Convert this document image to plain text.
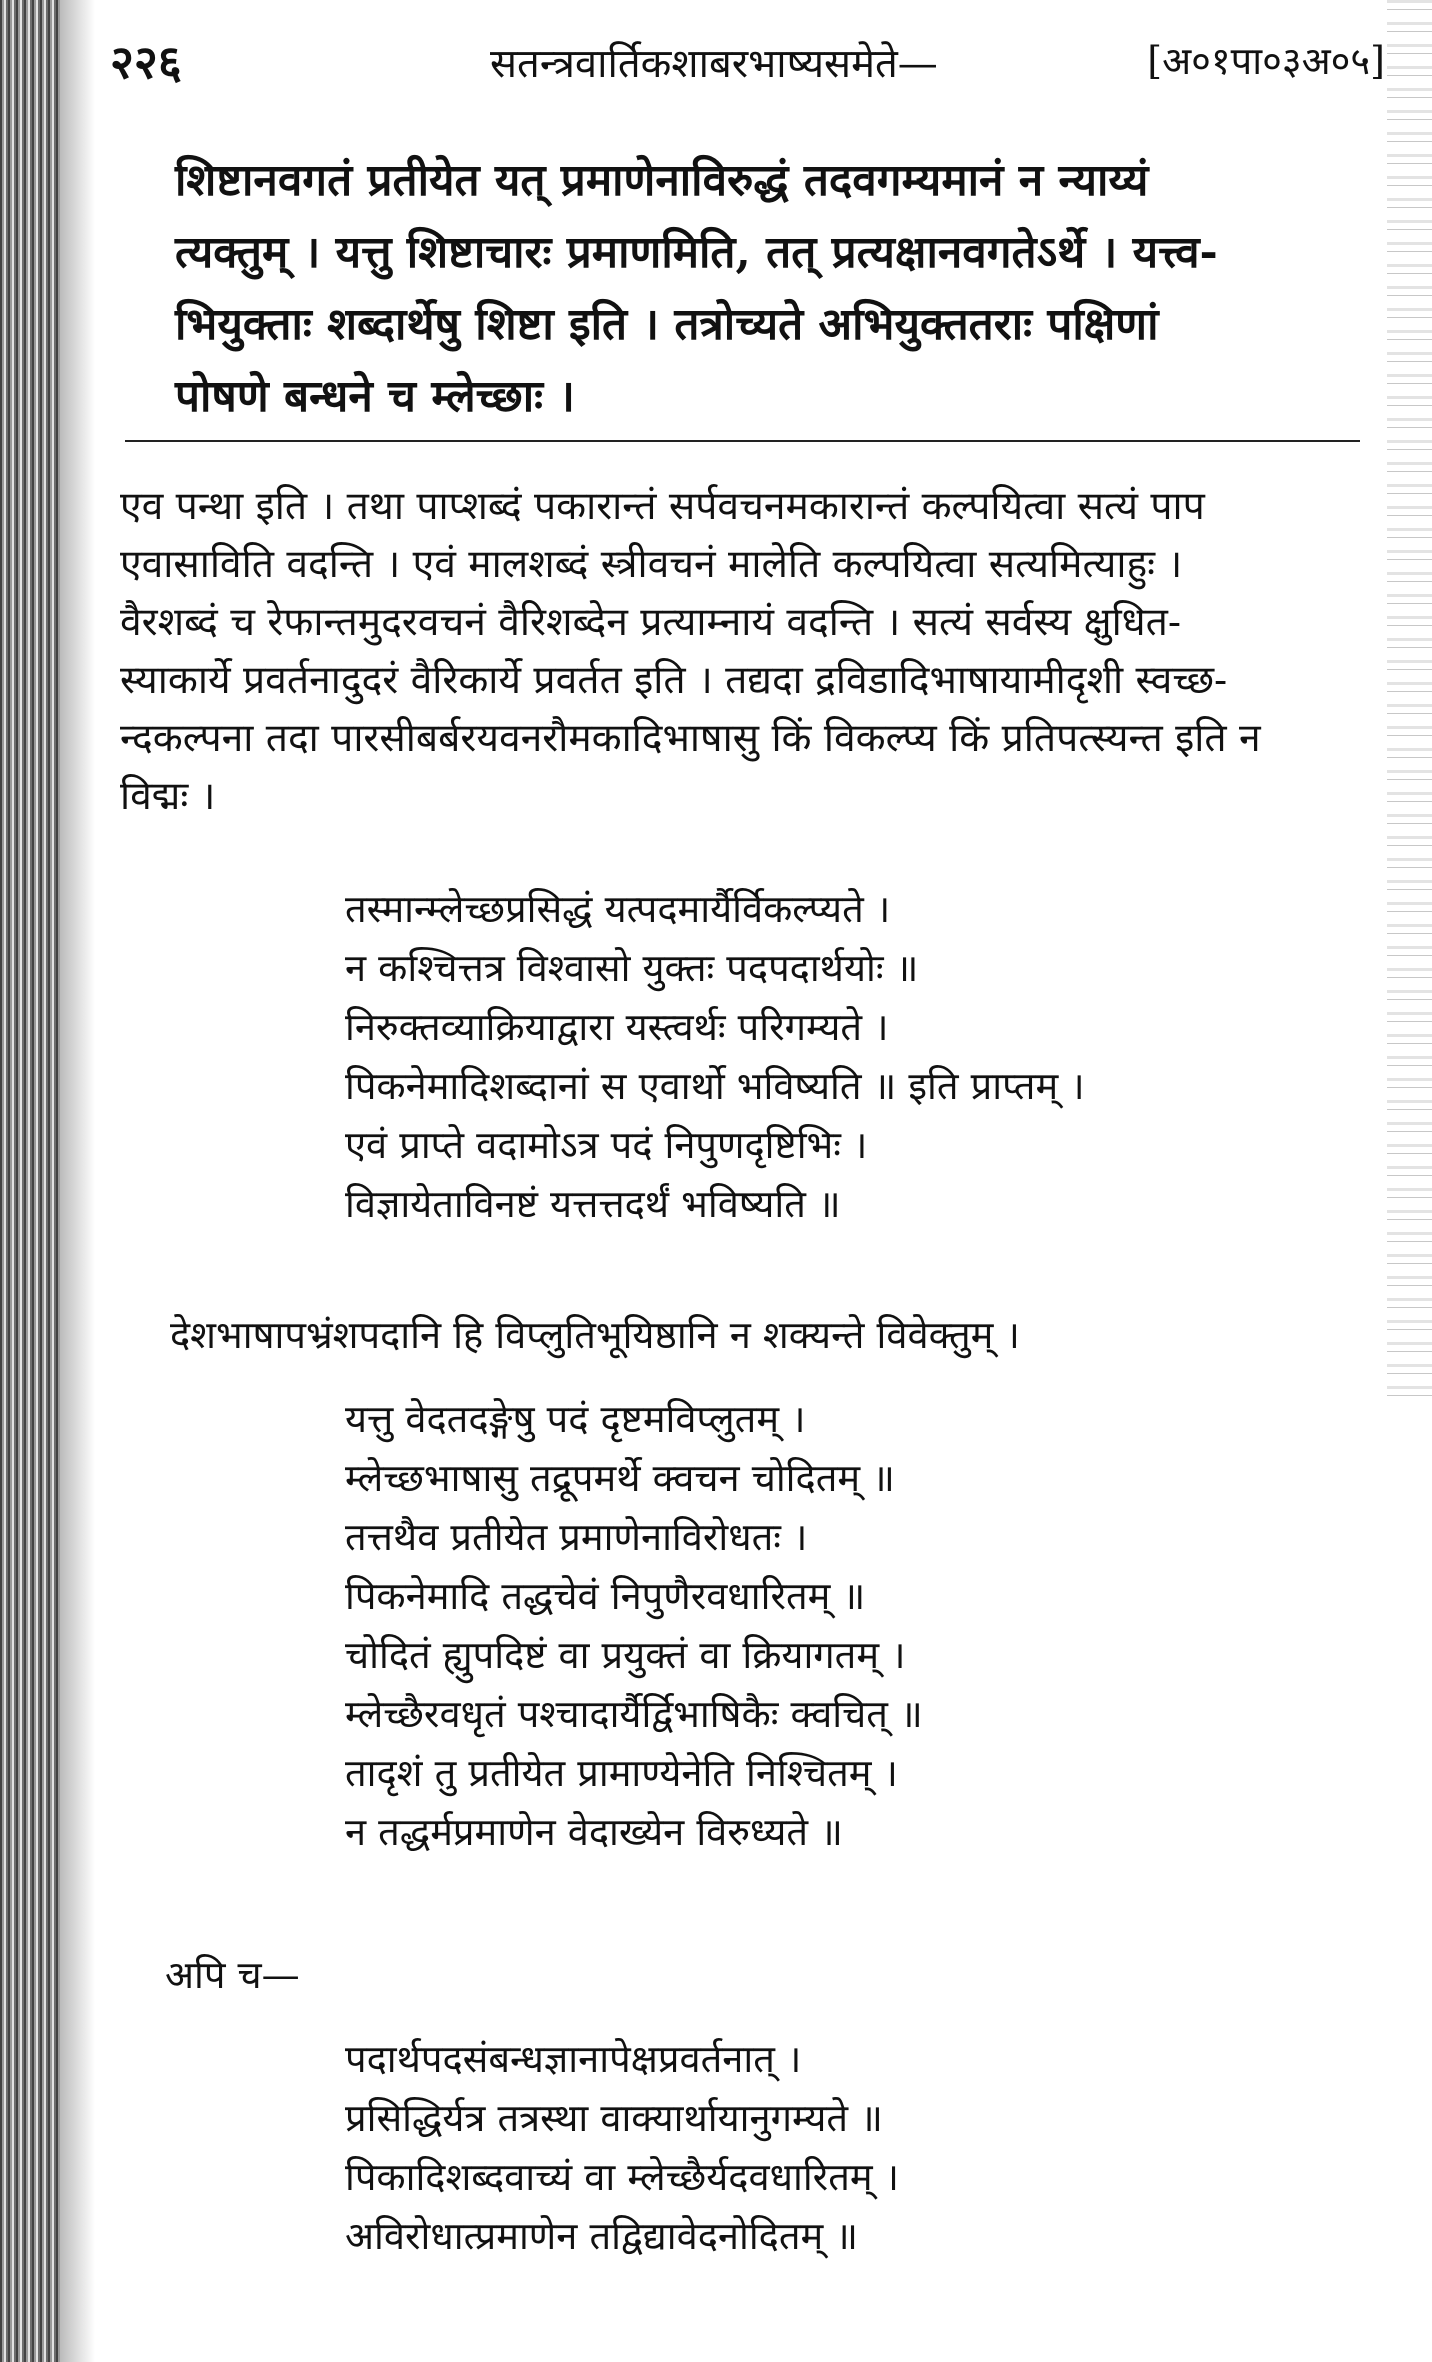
२२६	सतन्त्रवार्तिकशाबरभाष्यसमेते—	[अ०१पा०३अ०५]
शिष्टानवगतं प्रतीयेत यत् प्रमाणेनाविरुद्धं तदवगम्यमानं न न्याय्यं
त्यक्तुम् । यत्तु शिष्टाचारः प्रमाणमिति, तत् प्रत्यक्षानवगतेऽर्थे । यत्त्व-
भियुक्ताः शब्दार्थेषु शिष्टा इति । तत्रोच्यते अभियुक्ततराः पक्षिणां
पोषणे बन्धने च म्लेच्छाः ।
एव पन्था इति । तथा पाप्शब्दं पकारान्तं सर्पवचनमकारान्तं कल्पयित्वा सत्यं पाप
एवासाविति वदन्ति । एवं मालशब्दं स्त्रीवचनं मालेति कल्पयित्वा सत्यमित्याहुः ।
वैरशब्दं च रेफान्तमुदरवचनं वैरिशब्देन प्रत्याम्नायं वदन्ति । सत्यं सर्वस्य क्षुधित-
स्याकार्ये प्रवर्तनादुदरं वैरिकार्ये प्रवर्तत इति । तद्यदा द्रविडादिभाषायामीदृशी स्वच्छ-
न्दकल्पना तदा पारसीबर्बरयवनरौमकादिभाषासु किं विकल्प्य किं प्रतिपत्स्यन्त इति न
विद्मः ।
तस्मान्म्लेच्छप्रसिद्धं यत्पदमार्यैर्विकल्प्यते ।
न कश्चित्तत्र विश्वासो युक्तः पदपदार्थयोः ॥
निरुक्तव्याक्रियाद्वारा यस्त्वर्थः परिगम्यते ।
पिकनेमादिशब्दानां स एवार्थो भविष्यति ॥ इति प्राप्तम् ।
एवं प्राप्ते वदामोऽत्र पदं निपुणदृष्टिभिः ।
विज्ञायेताविनष्टं यत्तत्तदर्थं भविष्यति ॥
देशभाषापभ्रंशपदानि हि विप्लुतिभूयिष्ठानि न शक्यन्ते विवेक्तुम् ।
यत्तु वेदतदङ्गेषु पदं दृष्टमविप्लुतम् ।
म्लेच्छभाषासु तद्रूपमर्थे क्वचन चोदितम् ॥
तत्तथैव प्रतीयेत प्रमाणेनाविरोधतः ।
पिकनेमादि तद्धचेवं निपुणैरवधारितम् ॥
चोदितं ह्युपदिष्टं वा प्रयुक्तं वा क्रियागतम् ।
म्लेच्छैरवधृतं पश्चादार्यैर्द्विभाषिकैः क्वचित् ॥
तादृशं तु प्रतीयेत प्रामाण्येनेति निश्चितम् ।
न तद्धर्मप्रमाणेन वेदाख्येन विरुध्यते ॥
अपि च—
पदार्थपदसंबन्धज्ञानापेक्षप्रवर्तनात् ।
प्रसिद्धिर्यत्र तत्रस्था वाक्यार्थायानुगम्यते ॥
पिकादिशब्दवाच्यं वा म्लेच्छैर्यदवधारितम् ।
अविरोधात्प्रमाणेन तद्विद्यावेदनोदितम् ॥
